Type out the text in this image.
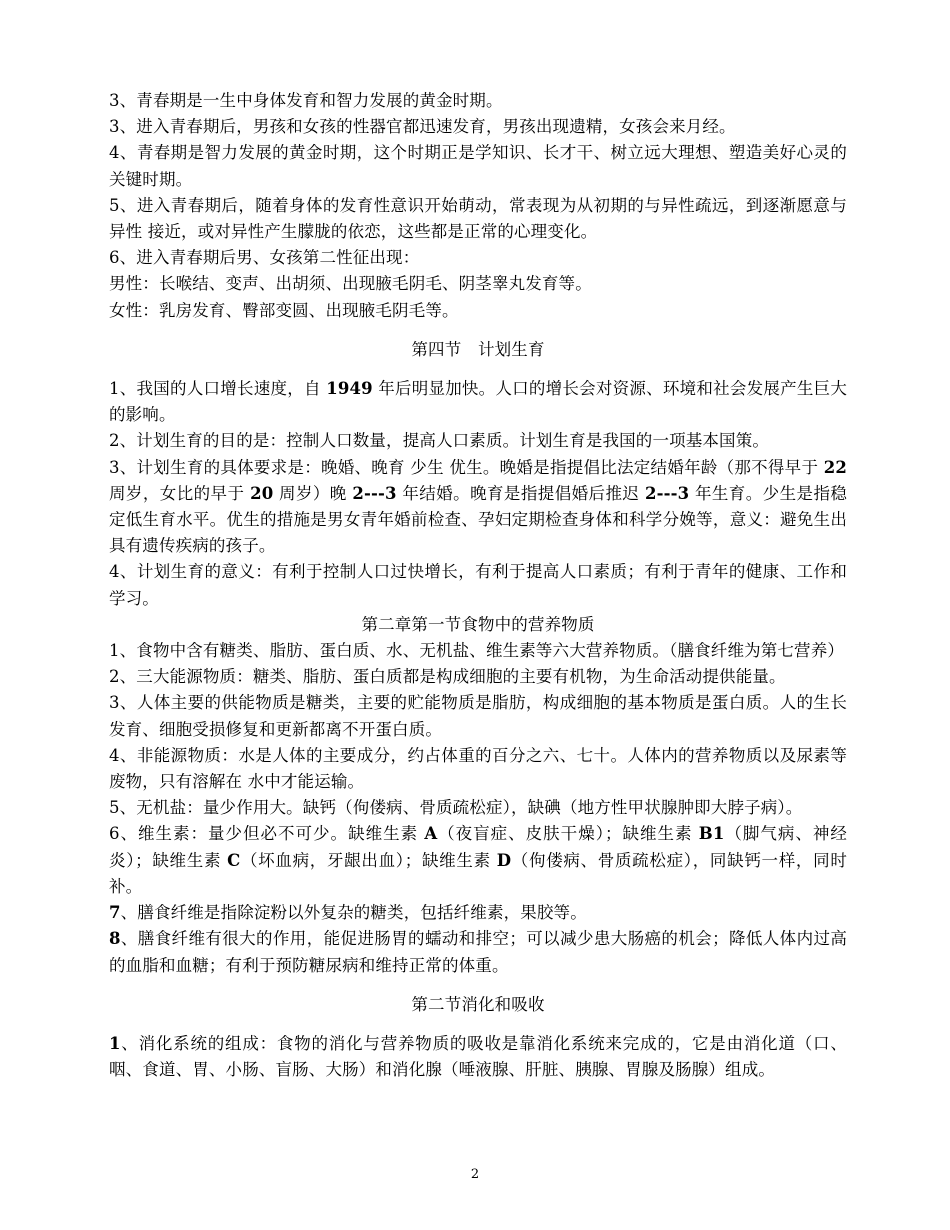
3、青春期是一生中身体发育和智力发展的黄金时期。

3、进入青春期后，男孩和女孩的性器官都迅速发育，男孩出现遗精，女孩会来月经。

4、青春期是智力发展的黄金时期，这个时期正是学知识、长才干、树立远大理想、塑造美好心灵的关键时期。

5、进入青春期后，随着身体的发育性意识开始萌动，常表现为从初期的与异性疏远，到逐渐愿意与异性 接近，或对异性产生朦胧的依恋，这些都是正常的心理变化。

6、进入青春期后男、女孩第二性征出现：

男性：长喉结、变声、出胡须、出现腋毛阴毛、阴茎睾丸发育等。

女性：乳房发育、臀部变圆、出现腋毛阴毛等。

第四节　计划生育

1、我国的人口增长速度，自 1949 年后明显加快。人口的增长会对资源、环境和社会发展产生巨大的影响。

2、计划生育的目的是：控制人口数量，提高人口素质。计划生育是我国的一项基本国策。

3、计划生育的具体要求是：晚婚、晚育 少生 优生。晚婚是指提倡比法定结婚年龄（那不得早于 22 周岁，女比的早于 20 周岁）晚 2---3 年结婚。晚育是指提倡婚后推迟 2---3 年生育。少生是指稳定低生育水平。优生的措施是男女青年婚前检查、孕妇定期检查身体和科学分娩等，意义：避免生出具有遗传疾病的孩子。

4、计划生育的意义：有利于控制人口过快增长，有利于提高人口素质；有利于青年的健康、工作和学习。

第二章第一节食物中的营养物质

1、食物中含有糖类、脂肪、蛋白质、水、无机盐、维生素等六大营养物质。（膳食纤维为第七营养）

2、三大能源物质：糖类、脂肪、蛋白质都是构成细胞的主要有机物，为生命活动提供能量。

3、人体主要的供能物质是糖类，主要的贮能物质是脂肪，构成细胞的基本物质是蛋白质。人的生长发育、细胞受损修复和更新都离不开蛋白质。

4、非能源物质：水是人体的主要成分，约占体重的百分之六、七十。人体内的营养物质以及尿素等废物，只有溶解在 水中才能运输。

5、无机盐：量少作用大。缺钙（佝偻病、骨质疏松症），缺碘（地方性甲状腺肿即大脖子病）。

6、维生素：量少但必不可少。缺维生素 A（夜盲症、皮肤干燥）；缺维生素 B1（脚气病、神经炎）；缺维生素 C（坏血病，牙龈出血）；缺维生素 D（佝偻病、骨质疏松症），同缺钙一样，同时补。

7、膳食纤维是指除淀粉以外复杂的糖类，包括纤维素，果胶等。

8、膳食纤维有很大的作用，能促进肠胃的蠕动和排空；可以减少患大肠癌的机会；降低人体内过高的血脂和血糖；有利于预防糖尿病和维持正常的体重。

第二节消化和吸收

1、消化系统的组成：食物的消化与营养物质的吸收是靠消化系统来完成的，它是由消化道（口、咽、食道、胃、小肠、盲肠、大肠）和消化腺（唾液腺、肝脏、胰腺、胃腺及肠腺）组成。

2
